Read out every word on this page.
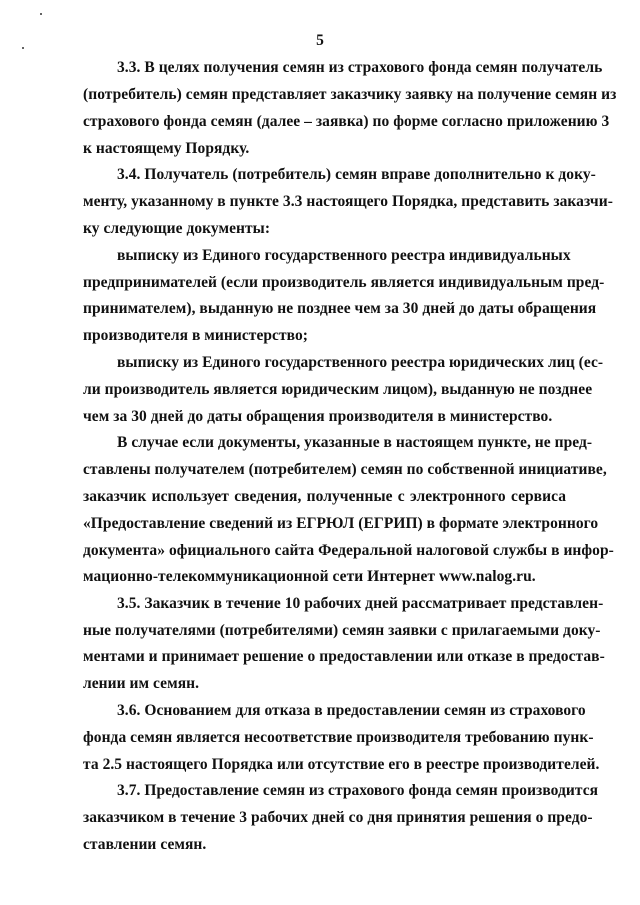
5
3.3. В целях получения семян из страхового фонда семян получатель
(потребитель) семян представляет заказчику заявку на получение семян из
страхового фонда семян (далее – заявка) по форме согласно приложению 3
к настоящему Порядку.
3.4. Получатель (потребитель) семян вправе дополнительно к доку-
менту, указанному в пункте 3.3 настоящего Порядка, представить заказчи-
ку следующие документы:
выписку из Единого государственного реестра индивидуальных
предпринимателей (если производитель является индивидуальным пред-
принимателем), выданную не позднее чем за 30 дней до даты обращения
производителя в министерство;
выписку из Единого государственного реестра юридических лиц (ес-
ли производитель является юридическим лицом), выданную не позднее
чем за 30 дней до даты обращения производителя в министерство.
В случае если документы, указанные в настоящем пункте, не пред-
ставлены получателем (потребителем) семян по собственной инициативе,
заказчик использует сведения, полученные с электронного сервиса
«Предоставление сведений из ЕГРЮЛ (ЕГРИП) в формате электронного
документа» официального сайта Федеральной налоговой службы в инфор-
мационно-телекоммуникационной сети Интернет www.nalog.ru.
3.5. Заказчик в течение 10 рабочих дней рассматривает представлен-
ные получателями (потребителями) семян заявки с прилагаемыми доку-
ментами и принимает решение о предоставлении или отказе в предостав-
лении им семян.
3.6. Основанием для отказа в предоставлении семян из страхового
фонда семян является несоответствие производителя требованию пунк-
та 2.5 настоящего Порядка или отсутствие его в реестре производителей.
3.7. Предоставление семян из страхового фонда семян производится
заказчиком в течение 3 рабочих дней со дня принятия решения о предо-
ставлении семян.
